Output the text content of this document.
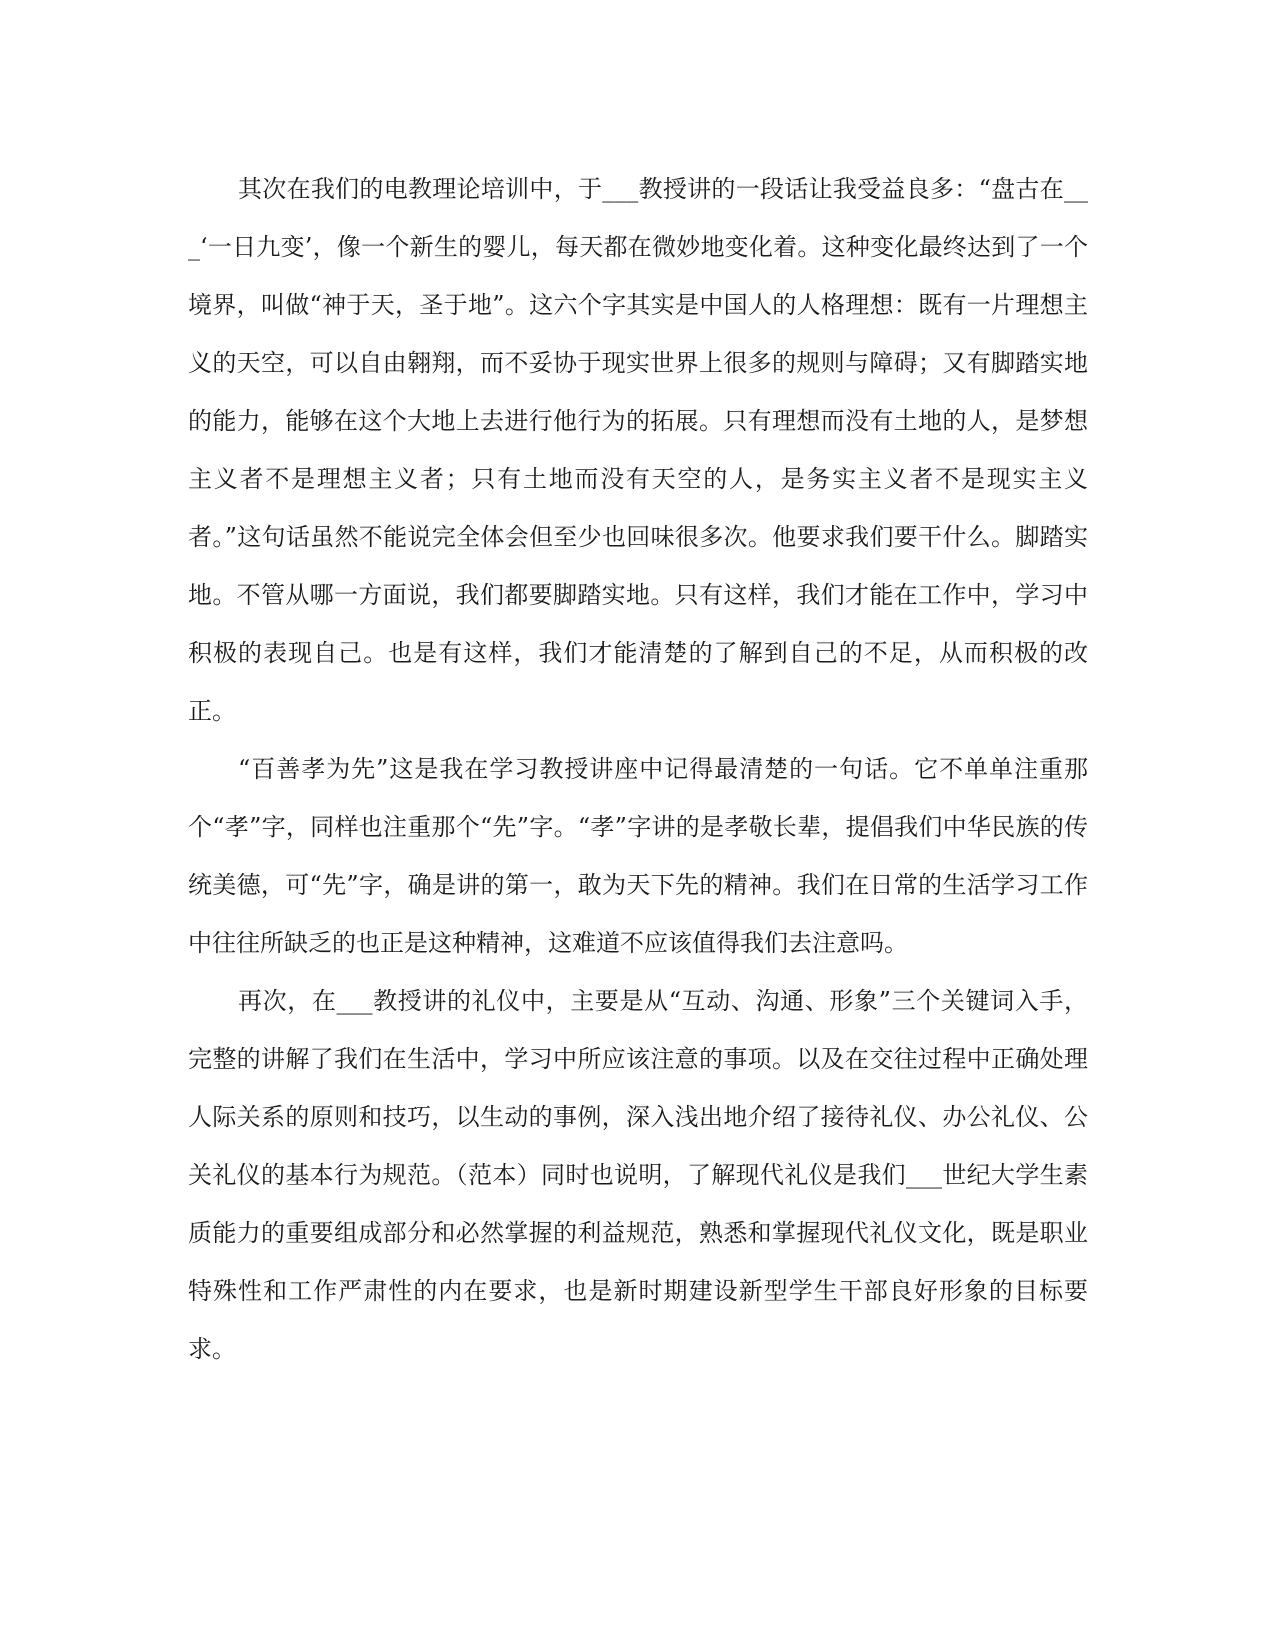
其次在我们的电教理论培训中，于___教授讲的一段话让我受益良多：“盘古在___‘一日九变’，像一个新生的婴儿，每天都在微妙地变化着。这种变化最终达到了一个境界，叫做“神于天，圣于地”。这六个字其实是中国人的人格理想：既有一片理想主义的天空，可以自由翱翔，而不妥协于现实世界上很多的规则与障碍；又有脚踏实地的能力，能够在这个大地上去进行他行为的拓展。只有理想而没有土地的人，是梦想主义者不是理想主义者；只有土地而没有天空的人，是务实主义者不是现实主义者。”这句话虽然不能说完全体会但至少也回味很多次。他要求我们要干什么。脚踏实地。不管从哪一方面说，我们都要脚踏实地。只有这样，我们才能在工作中，学习中积极的表现自己。也是有这样，我们才能清楚的了解到自己的不足，从而积极的改正。

“百善孝为先”这是我在学习教授讲座中记得最清楚的一句话。它不单单注重那个“孝”字，同样也注重那个“先”字。“孝”字讲的是孝敬长辈，提倡我们中华民族的传统美德，可“先”字，确是讲的第一，敢为天下先的精神。我们在日常的生活学习工作中往往所缺乏的也正是这种精神，这难道不应该值得我们去注意吗。

再次，在___教授讲的礼仪中，主要是从“互动、沟通、形象”三个关键词入手，完整的讲解了我们在生活中，学习中所应该注意的事项。以及在交往过程中正确处理人际关系的原则和技巧，以生动的事例，深入浅出地介绍了接待礼仪、办公礼仪、公关礼仪的基本行为规范。（范本）同时也说明，了解现代礼仪是我们___世纪大学生素质能力的重要组成部分和必然掌握的利益规范，熟悉和掌握现代礼仪文化，既是职业特殊性和工作严肃性的内在要求，也是新时期建设新型学生干部良好形象的目标要求。
